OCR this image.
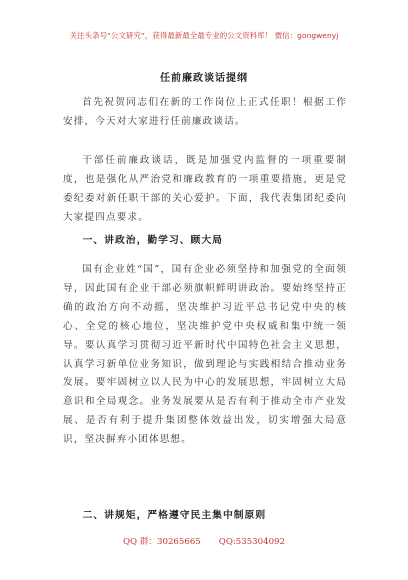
关注头条号“公文研究”，获得最新最全最专业的公文资料库！ 微信：gongwenyj
任前廉政谈话提纲
首先祝贺同志们在新的工作岗位上正式任职！根据工作安排，今天对大家进行任前廉政谈话。
干部任前廉政谈话，既是加强党内监督的一项重要制度，也是强化从严治党和廉政教育的一项重要措施，更是党委纪委对新任职干部的关心爱护。下面，我代表集团纪委向大家提四点要求。
一、讲政治，勤学习、顾大局
国有企业姓“国”，国有企业必须坚持和加强党的全面领导，因此国有企业干部必须旗帜鲜明讲政治。要始终坚持正确的政治方向不动摇，坚决维护习近平总书记党中央的核心、全党的核心地位，坚决维护党中央权威和集中统一领导。要认真学习贯彻习近平新时代中国特色社会主义思想，认真学习新单位业务知识，做到理论与实践相结合推动业务发展。要牢固树立以人民为中心的发展思想，牢固树立大局意识和全局观念。业务发展要从是否有利于推动全市产业发展、是否有利于提升集团整体效益出发，切实增强大局意识，坚决摒弃小团体思想。
二、讲规矩，严格遵守民主集中制原则
QQ 群：30265665 QQ:535304092
